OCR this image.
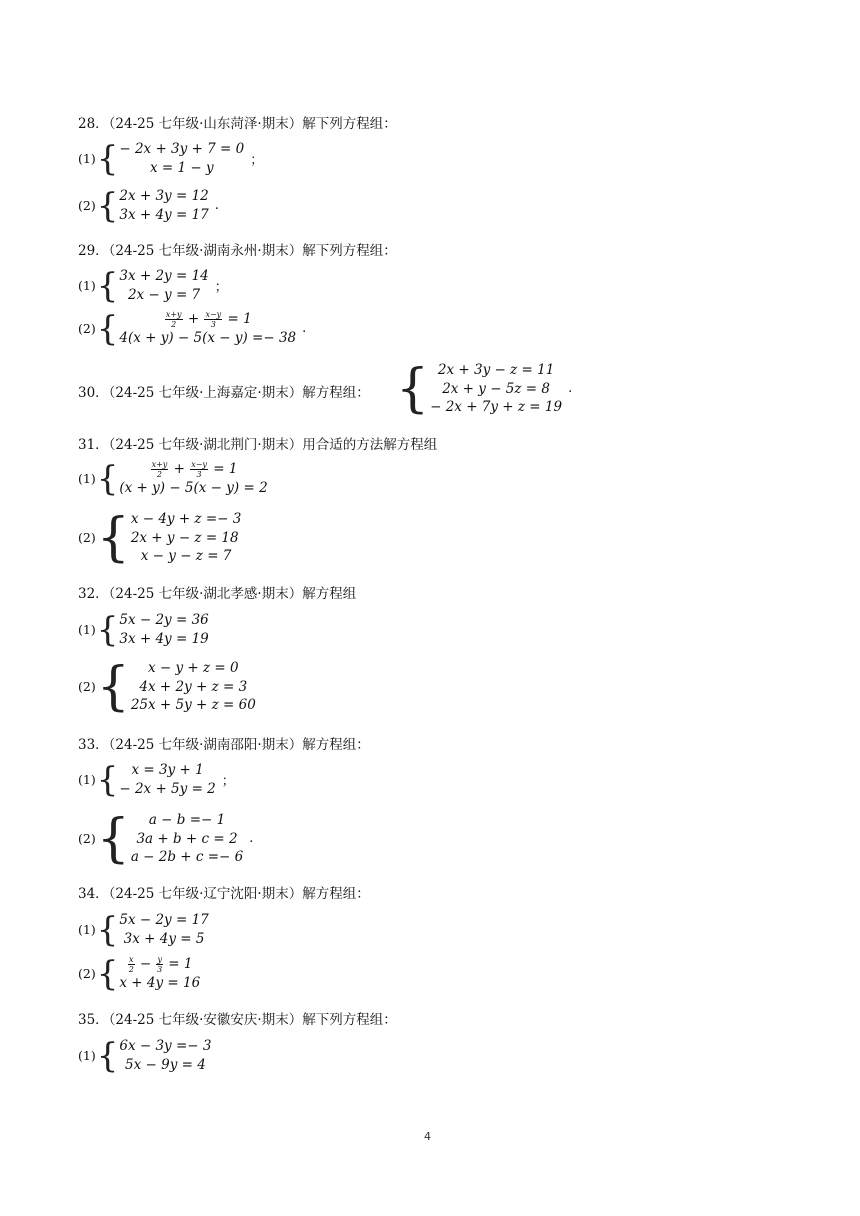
28．（24-25 七年级·山东菏泽·期末）解下列方程组：
(1) { − 2x + 3y + 7 = 0
x = 1 − y	；
(2) { 2x + 3y = 12
3x + 4y = 17
.
29．（24-25 七年级·湖南永州·期末）解下列方程组：
(1) { 3x + 2y = 14
2x − y = 7	；
(2) {	$\frac{x+y}{2} + \frac{x-y}{3} = 1$
4(x + y) − 5(x − y) =− 38
.
30．（24-25 七年级·上海嘉定·期末）解方程组： { 2x + 3y − z = 11
2x + y − 5z = 8
− 2x + 7y + z = 19
.
31．（24-25 七年级·湖北荆门·期末）用合适的方法解方程组
(1) {	$\frac{x+y}{2} + \frac{x-y}{3} = 1$
(x + y) − 5(x − y) = 2
(2) { x − 4y + z =− 3
2x + y − z = 18
x − y − z = 7
32．（24-25 七年级·湖北孝感·期末）解方程组
(1) { 5x − 2y = 36
3x + 4y = 19
(2) {	x − y + z = 0
4x + 2y + z = 3
25x + 5y + z = 60
33．（24-25 七年级·湖南邵阳·期末）解方程组：
(1) { x = 3y + 1
− 2x + 5y = 2 ；
(2) {	a − b =− 1
3a + b + c = 2
a − 2b + c =− 6
.
34．（24-25 七年级·辽宁沈阳·期末）解方程组：
(1) { 5x − 2y = 17
3x + 4y = 5
(2) { $\frac{x}{2} - \frac{y}{3} = 1$
x + 4y = 16
35．（24-25 七年级·安徽安庆·期末）解下列方程组：
(1) { 6x − 3y =− 3
5x − 9y = 4
4
